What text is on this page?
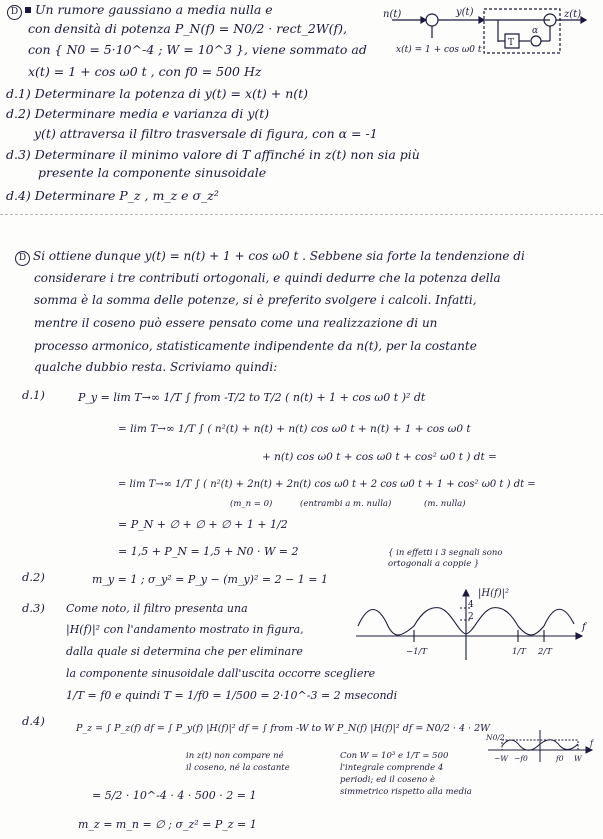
D Un rumore gaussiano a media nulla e
con densità di potenza P_N(f) = N0/2 · rect_2W(f),
con { N0 = 5·10^-4 ; W = 10^3 }, viene sommato ad
x(t) = 1 + cos ω0 t , con f0 = 500 Hz
d.1) Determinare la potenza di y(t) = x(t) + n(t)
d.2) Determinare media e varianza di y(t)
y(t) attraversa il filtro trasversale di figura, con α = -1
d.3) Determinare il minimo valore di T affinché in z(t) non sia più
presente la componente sinusoidale
d.4) Determinare P_z , m_z e σ_z²
n(t)	y(t)	z(t)
x(t) = 1 + cos ω0 t
T
α
D Si ottiene dunque y(t) = n(t) + 1 + cos ω0 t . Sebbene sia forte la tendenzione di
considerare i tre contributi ortogonali, e quindi dedurre che la potenza della
somma è la somma delle potenze, si è preferito svolgere i calcoli. Infatti,
mentre il coseno può essere pensato come una realizzazione di un
processo armonico, statisticamente indipendente da n(t), per la costante
qualche dubbio resta. Scriviamo quindi:
d.1)	P_y = lim T→∞ 1/T ∫ from -T/2 to T/2 ( n(t) + 1 + cos ω0 t )² dt
= lim T→∞ 1/T ∫ ( n²(t) + n(t) + n(t) cos ω0 t + n(t) + 1 + cos ω0 t
+ n(t) cos ω0 t + cos ω0 t + cos² ω0 t ) dt =
= lim T→∞ 1/T ∫ ( n²(t) + 2n(t) + 2n(t) cos ω0 t + 2 cos ω0 t + 1 + cos² ω0 t ) dt =
(m_n = 0)	(entrambi a m. nulla)	(m. nulla)
= P_N + ∅ + ∅ + ∅ + 1 + 1/2
= 1,5 + P_N = 1,5 + N0 · W = 2	{ in effetti i 3 segnali sono ortogonali a coppie }
d.2)	m_y = 1 ; σ_y² = P_y − (m_y)² = 2 − 1 = 1
d.3) Come noto, il filtro presenta una
|H(f)|² con l'andamento mostrato in figura,
dalla quale si determina che per eliminare
la componente sinusoidale dall'uscita occorre scegliere
1/T = f0 e quindi T = 1/f0 = 1/500 = 2·10^-3 = 2 msecondi
|H(f)|²
4
2
f
−1/T	1/T 2/T
d.4)
P_z = ∫ P_z(f) df = ∫ P_y(f) |H(f)|² df = ∫ from -W to W P_N(f) |H(f)|² df = N0/2 · 4 · 2W
in z(t) non compare né
il coseno, né la costante
Con W = 10³ e 1/T = 500
l'integrale comprende 4
periodi; ed il coseno è
simmetrico rispetto alla media
= 5/2 · 10^-4 · 4 · 500 · 2 = 1
m_z = m_n = ∅ ; σ_z² = P_z = 1
N0/2
−W −f0	f0 W
f
